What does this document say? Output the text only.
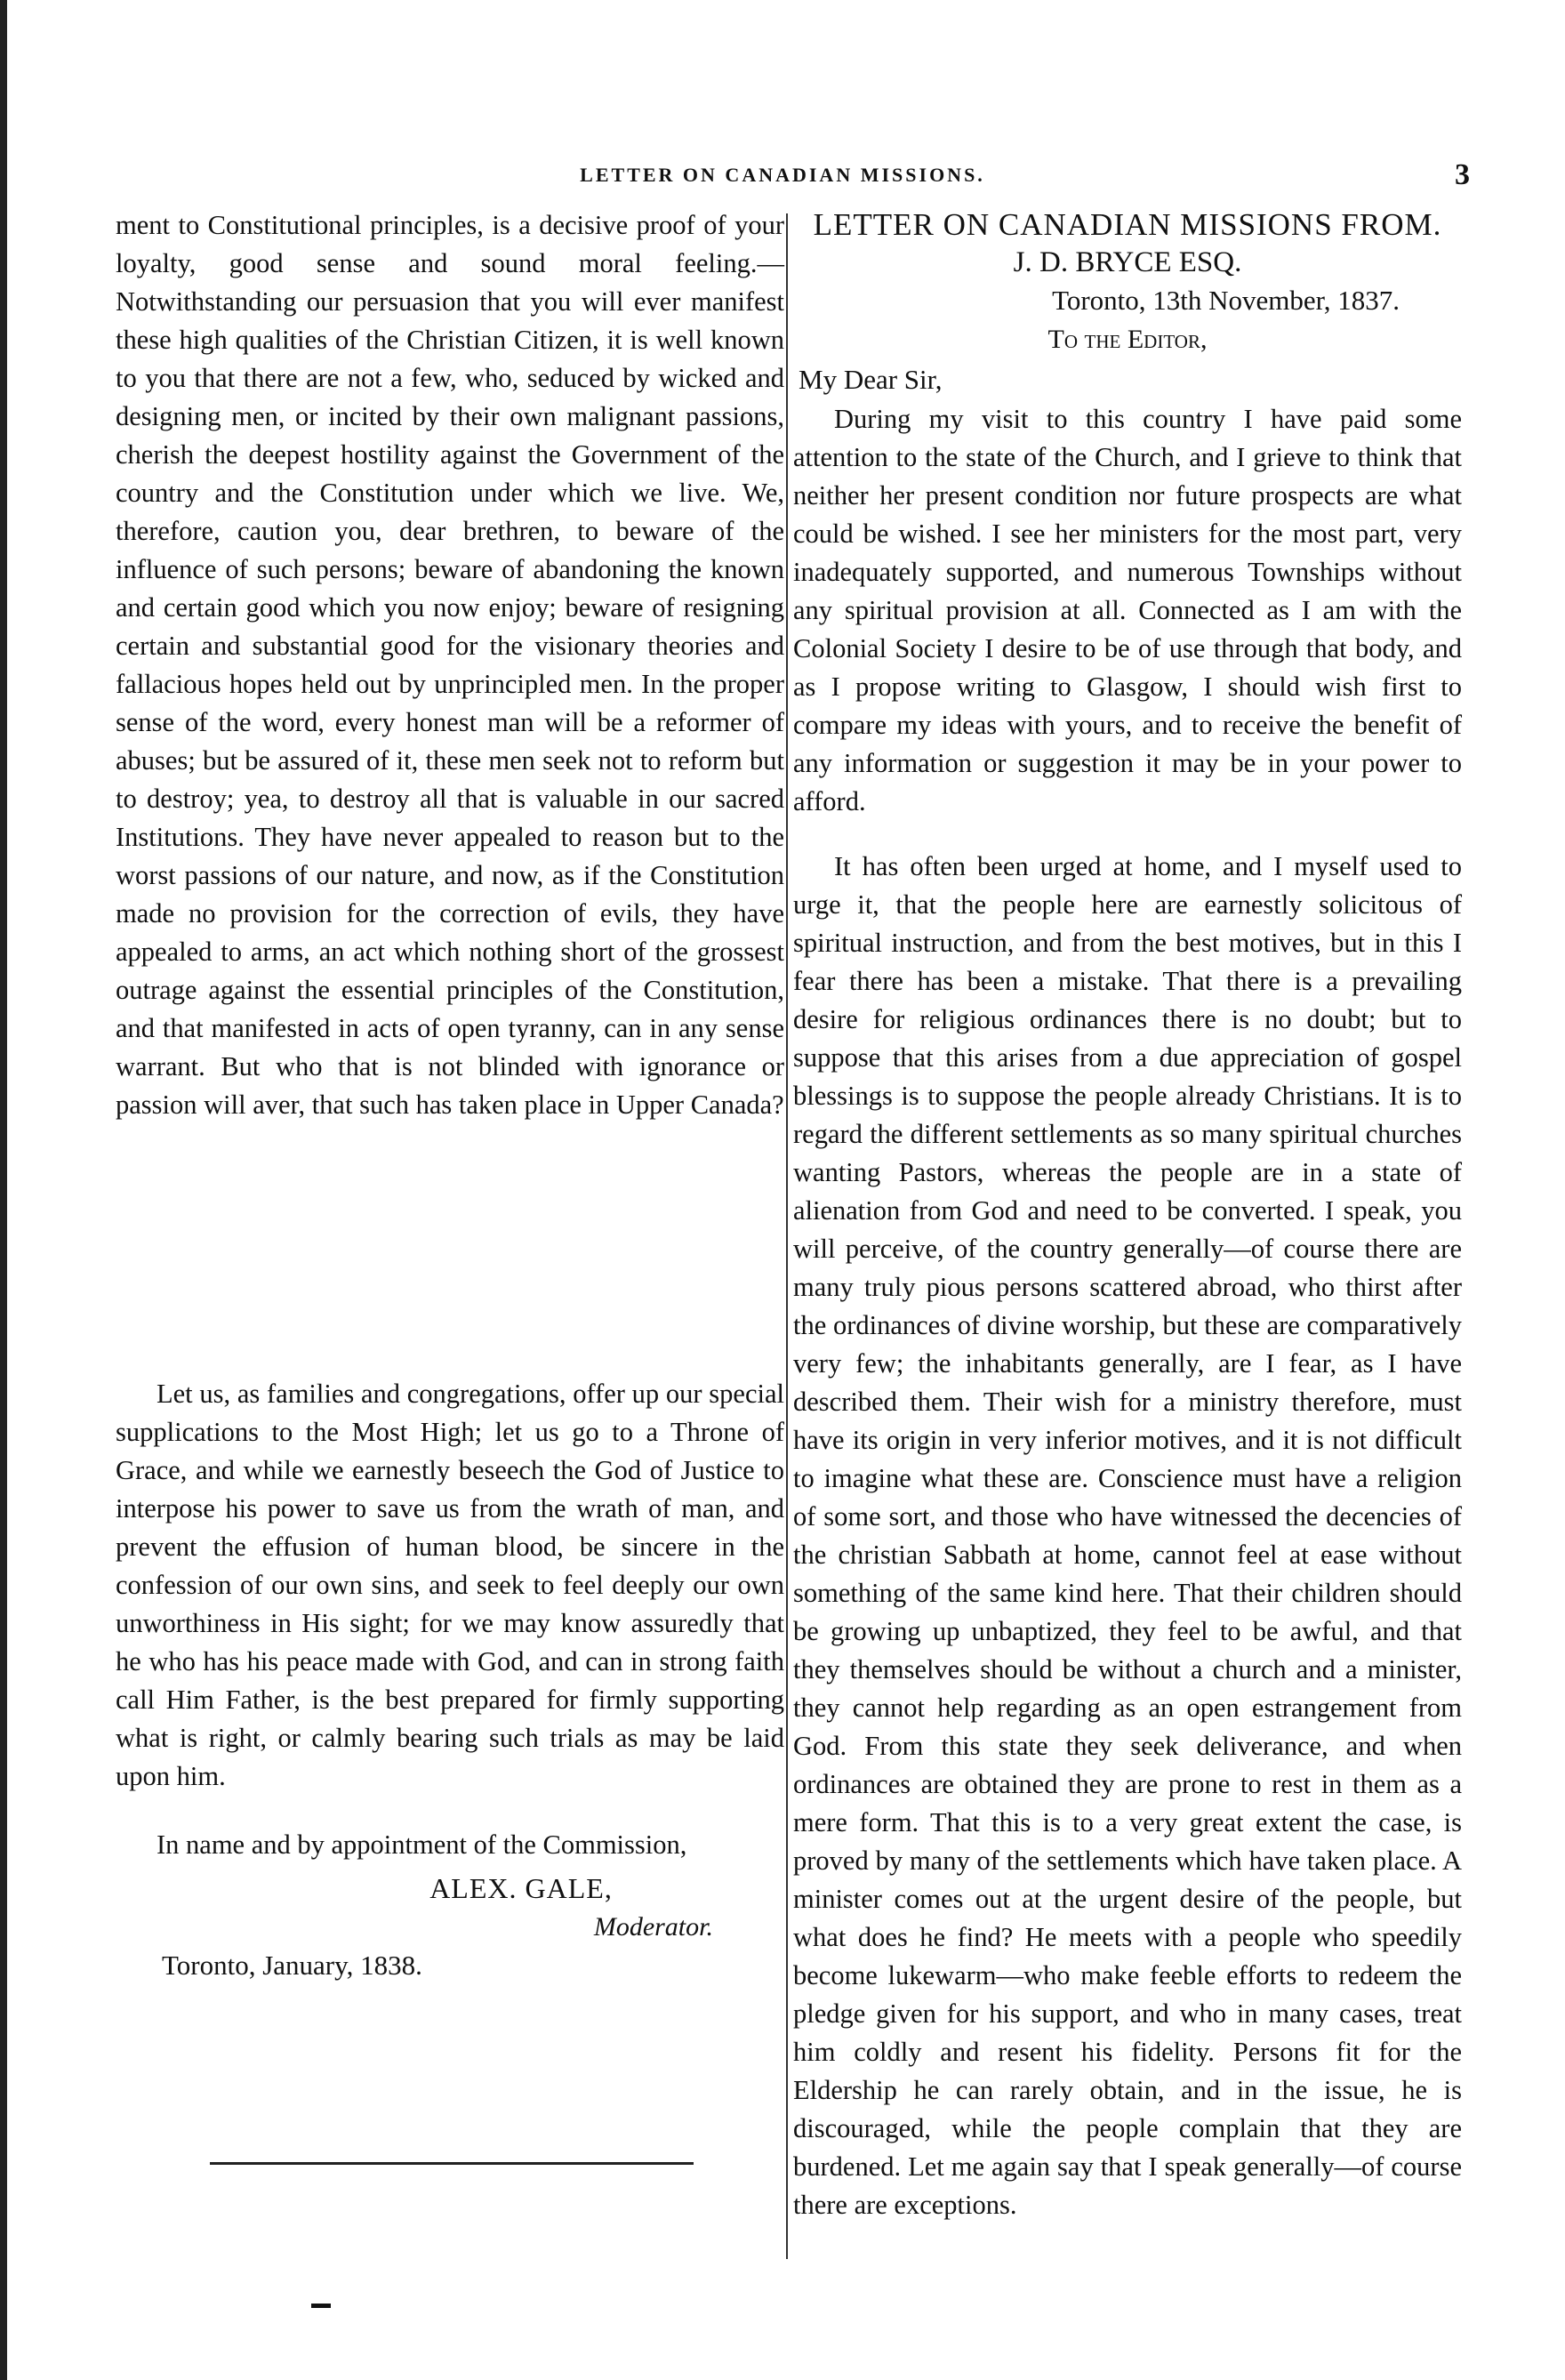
LETTER ON CANADIAN MISSIONS.	3

ment to Constitutional principles, is a decisive proof of your loyalty, good sense and sound moral feeling.—Notwithstanding our persuasion that you will ever manifest these high qualities of the Christian Citizen, it is well known to you that there are not a few, who, seduced by wicked and designing men, or incited by their own malignant passions, cherish the deepest hostility against the Government of the country and the Constitution under which we live. We, therefore, caution you, dear brethren, to beware of the influence of such persons; beware of abandoning the known and certain good which you now enjoy; beware of resigning certain and substantial good for the visionary theories and fallacious hopes held out by unprincipled men. In the proper sense of the word, every honest man will be a reformer of abuses; but be assured of it, these men seek not to reform but to destroy; yea, to destroy all that is valuable in our sacred Institutions. They have never appealed to reason but to the worst passions of our nature, and now, as if the Constitution made no provision for the correction of evils, they have appealed to arms, an act which nothing short of the grossest outrage against the essential principles of the Constitution, and that manifested in acts of open tyranny, can in any sense warrant. But who that is not blinded with ignorance or passion will aver, that such has taken place in Upper Canada?

Let us, as families and congregations, offer up our special supplications to the Most High; let us go to a Throne of Grace, and while we earnestly beseech the God of Justice to interpose his power to save us from the wrath of man, and prevent the effusion of human blood, be sincere in the confession of our own sins, and seek to feel deeply our own unworthiness in His sight; for we may know assuredly that he who has his peace made with God, and can in strong faith call Him Father, is the best prepared for firmly supporting what is right, or calmly bearing such trials as may be laid upon him.

In name and by appointment of the Commission,

ALEX. GALE,

Moderator.

Toronto, January, 1838.

LETTER ON CANADIAN MISSIONS FROM.
J. D. BRYCE ESQ.
Toronto, 13th November, 1837.
To the Editor,
My Dear Sir,

During my visit to this country I have paid some attention to the state of the Church, and I grieve to think that neither her present condition nor future prospects are what could be wished. I see her ministers for the most part, very inadequately supported, and numerous Townships without any spiritual provision at all. Connected as I am with the Colonial Society I desire to be of use through that body, and as I propose writing to Glasgow, I should wish first to compare my ideas with yours, and to receive the benefit of any information or suggestion it may be in your power to afford.

It has often been urged at home, and I myself used to urge it, that the people here are earnestly solicitous of spiritual instruction, and from the best motives, but in this I fear there has been a mistake. That there is a prevailing desire for religious ordinances there is no doubt; but to suppose that this arises from a due appreciation of gospel blessings is to suppose the people already Christians. It is to regard the different settlements as so many spiritual churches wanting Pastors, whereas the people are in a state of alienation from God and need to be converted. I speak, you will perceive, of the country generally—of course there are many truly pious persons scattered abroad, who thirst after the ordinances of divine worship, but these are comparatively very few; the inhabitants generally, are I fear, as I have described them. Their wish for a ministry therefore, must have its origin in very inferior motives, and it is not difficult to imagine what these are. Conscience must have a religion of some sort, and those who have witnessed the decencies of the christian Sabbath at home, cannot feel at ease without something of the same kind here. That their children should be growing up unbaptized, they feel to be awful, and that they themselves should be without a church and a minister, they cannot help regarding as an open estrangement from God. From this state they seek deliverance, and when ordinances are obtained they are prone to rest in them as a mere form. That this is to a very great extent the case, is proved by many of the settlements which have taken place. A minister comes out at the urgent desire of the people, but what does he find? He meets with a people who speedily become lukewarm—who make feeble efforts to redeem the pledge given for his support, and who in many cases, treat him coldly and resent his fidelity. Persons fit for the Eldership he can rarely obtain, and in the issue, he is discouraged, while the people complain that they are burdened. Let me again say that I speak generally—of course there are exceptions.
